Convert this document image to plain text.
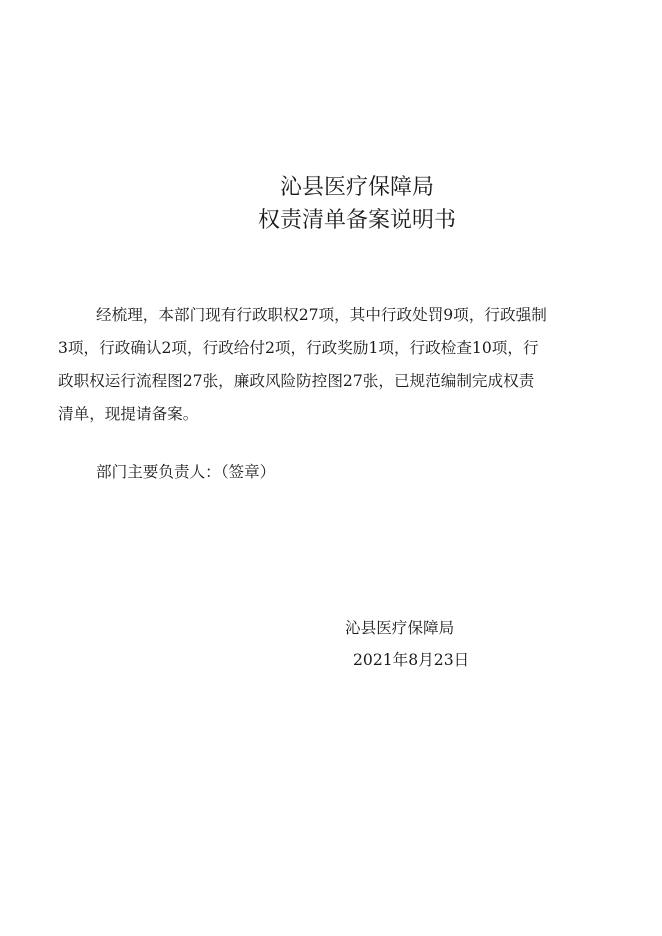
沁县医疗保障局
权责清单备案说明书
经梳理，本部门现有行政职权27项，其中行政处罚9项，行政强制
3项，行政确认2项，行政给付2项，行政奖励1项，行政检查10项，行
政职权运行流程图27张，廉政风险防控图27张，已规范编制完成权责
清单，现提请备案。
部门主要负责人：（签章）
沁县医疗保障局
2021年8月23日
